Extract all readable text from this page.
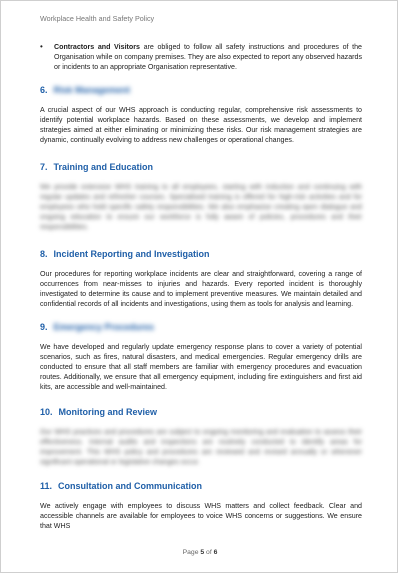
Workplace Health and Safety Policy
•	Contractors and Visitors are obliged to follow all safety instructions and procedures of the Organisation while on company premises. They are also expected to report any observed hazards or incidents to an appropriate Organisation representative.
6. Risk Management

A crucial aspect of our WHS approach is conducting regular, comprehensive risk assessments to identify potential workplace hazards. Based on these assessments, we develop and implement strategies aimed at either eliminating or minimizing these risks. Our risk management strategies are dynamic, continually evolving to address new challenges or operational changes.

7. Training and Education

We provide extensive WHS training to all employees, starting with induction and continuing with regular updates and refresher courses. Specialised training is offered for high-risk activities and for employees who hold specific safety responsibilities. We also emphasise creating open dialogue and ongoing education to ensure our workforce is fully aware of policies, procedures and their responsibilities.

8. Incident Reporting and Investigation

Our procedures for reporting workplace incidents are clear and straightforward, covering a range of occurrences from near-misses to injuries and hazards. Every reported incident is thoroughly investigated to determine its cause and to implement preventive measures. We maintain detailed and confidential records of all incidents and investigations, using them as tools for analysis and learning.

9. Emergency Procedures

We have developed and regularly update emergency response plans to cover a variety of potential scenarios, such as fires, natural disasters, and medical emergencies. Regular emergency drills are conducted to ensure that all staff members are familiar with emergency procedures and evacuation routes. Additionally, we ensure that all emergency equipment, including fire extinguishers and first aid kits, are accessible and well-maintained.

10. Monitoring and Review

Our WHS practices and procedures are subject to ongoing monitoring and evaluation to assess their effectiveness. Internal audits and inspections are routinely conducted to identify areas for improvement. This WHS policy and procedures are reviewed and revised annually or whenever significant operational or legislative changes occur.

11. Consultation and Communication

We actively engage with employees to discuss WHS matters and collect feedback. Clear and accessible channels are available for employees to voice WHS concerns or suggestions. We ensure that WHS

Page 5 of 6
